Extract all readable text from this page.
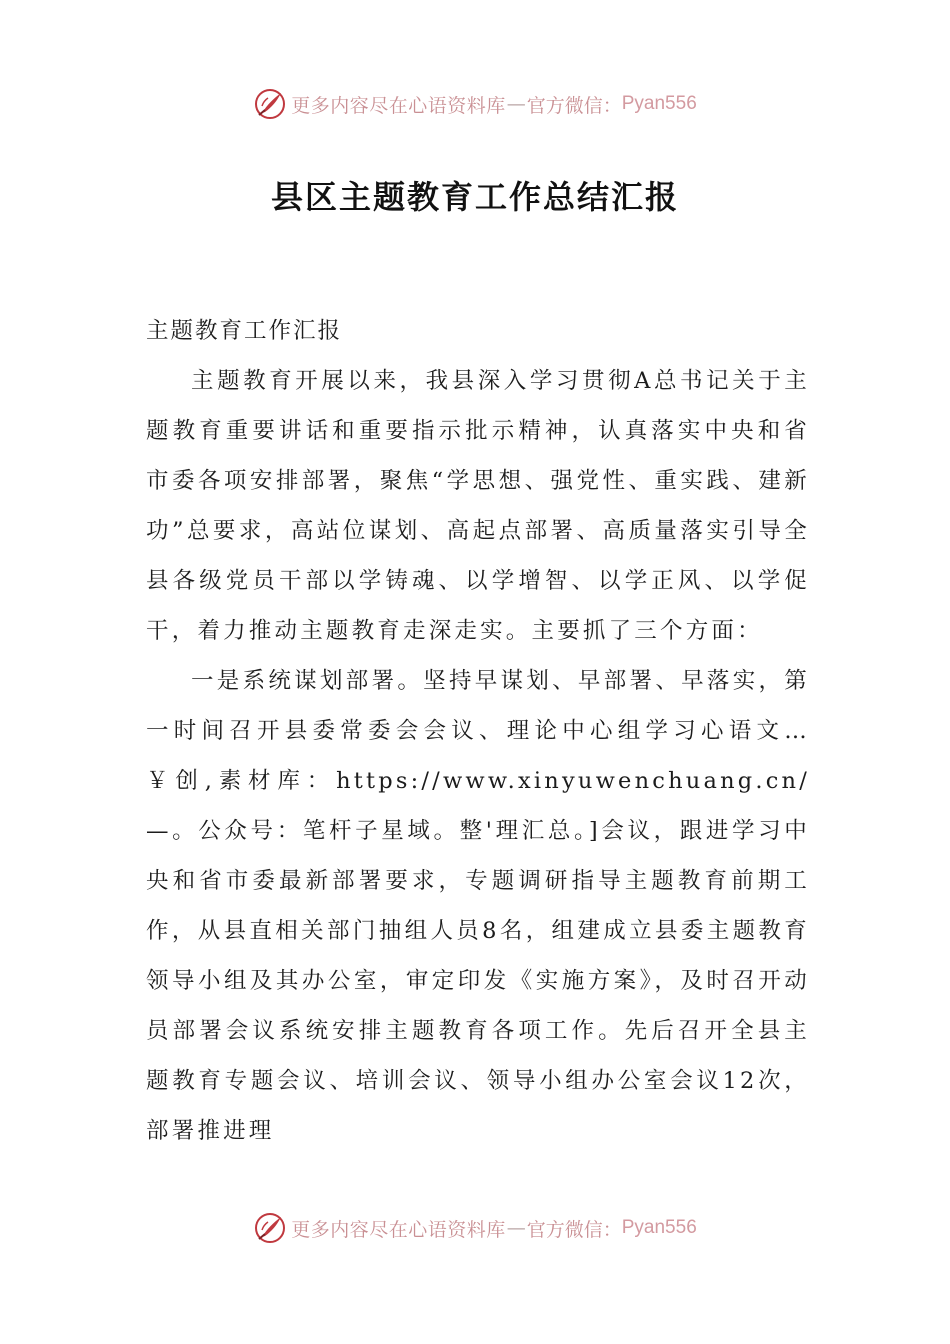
更多内容尽在心语资料库 — 官方微信： Pyan556
县区主题教育工作总结汇报

主题教育工作汇报

主题教育开展以来，我县深入学习贯彻A总书记关于主题教育重要讲话和重要指示批示精神，认真落实中央和省市委各项安排部署，聚焦“学思想、强党性、重实践、建新功”总要求，高站位谋划、高起点部署、高质量落实引导全县各级党员干部以学铸魂、以学增智、以学正风、以学促干，着力推动主题教育走深走实。主要抓了三个方面：

一是系统谋划部署。坚持早谋划、早部署、早落实，第一时间召开县委常委会会议、理论中心组学习心语文…￥创,素材库：https://www.xinyuwenchuang.cn/—。公众号：笔杆子星域。整'理汇总。]会议，跟进学习中央和省市委最新部署要求，专题调研指导主题教育前期工作，从县直相关部门抽组人员8名，组建成立县委主题教育领导小组及其办公室，审定印发《实施方案》，及时召开动员部署会议系统安排主题教育各项工作。先后召开全县主题教育专题会议、培训会议、领导小组办公室会议12次，部署推进理

更多内容尽在心语资料库 — 官方微信： Pyan556
